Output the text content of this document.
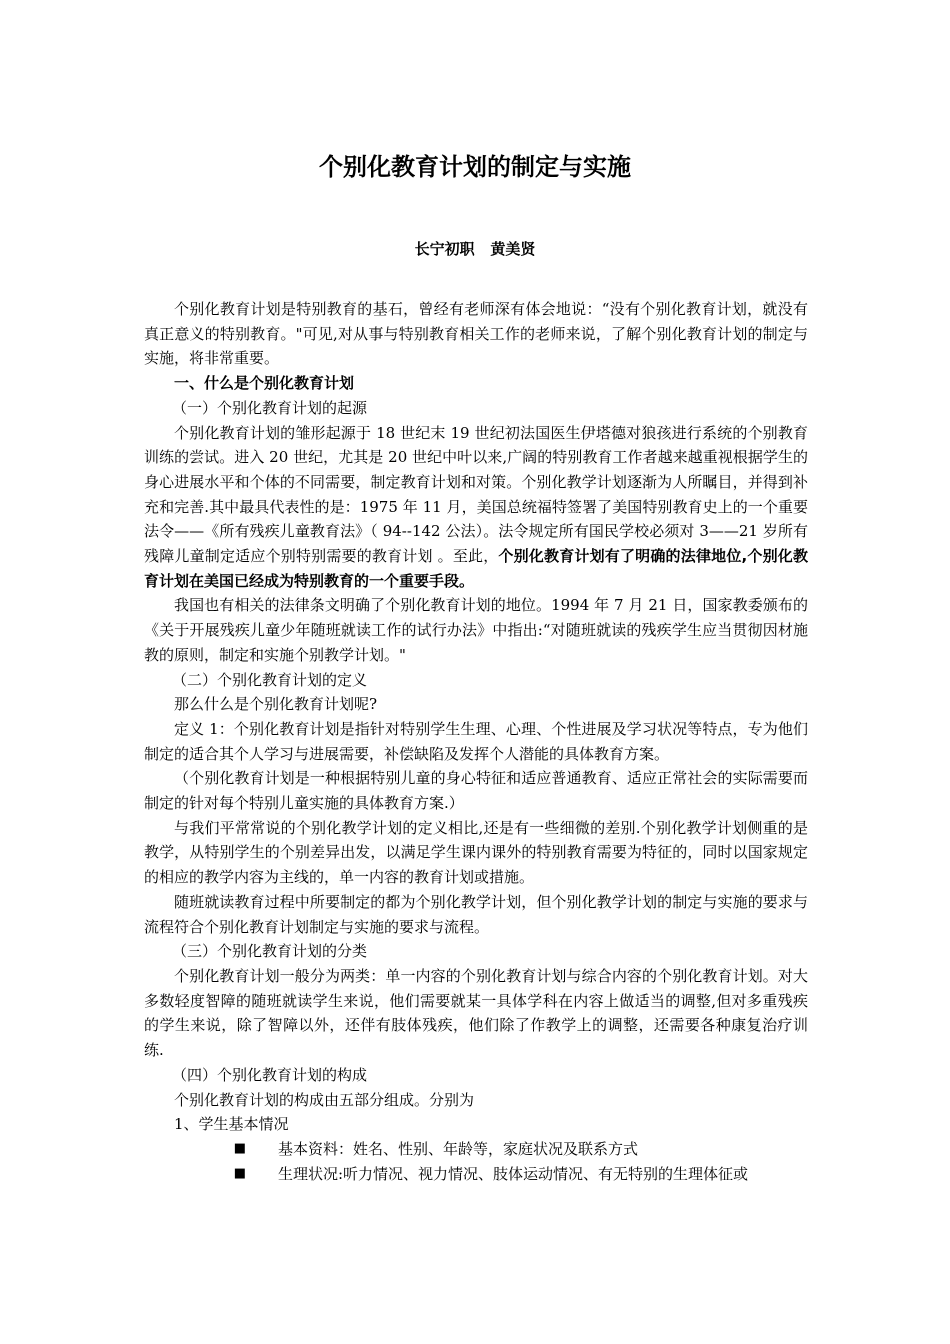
个别化教育计划的制定与实施
长宁初职   黄美贤

个别化教育计划是特别教育的基石，曾经有老师深有体会地说：“没有个别化教育计划，就没有真正意义的特别教育。"可见,对从事与特别教育相关工作的老师来说，了解个别化教育计划的制定与实施，将非常重要。

一、什么是个别化教育计划

（一）个别化教育计划的起源

个别化教育计划的雏形起源于 18 世纪末 19 世纪初法国医生伊塔德对狼孩进行系统的个别教育训练的尝试。进入 20 世纪，尤其是 20 世纪中叶以来,广阔的特别教育工作者越来越重视根据学生的身心进展水平和个体的不同需要，制定教育计划和对策。个别化教学计划逐渐为人所瞩目，并得到补充和完善.其中最具代表性的是：1975 年 11 月，美国总统福特签署了美国特别教育史上的一个重要法令——《所有残疾儿童教育法》（ 94--142 公法）。法令规定所有国民学校必须对 3——21 岁所有残障儿童制定适应个别特别需要的教育计划 。至此，个别化教育计划有了明确的法律地位,个别化教育计划在美国已经成为特别教育的一个重要手段。

我国也有相关的法律条文明确了个别化教育计划的地位。1994 年 7 月 21 日，国家教委颁布的《关于开展残疾儿童少年随班就读工作的试行办法》中指出:“对随班就读的残疾学生应当贯彻因材施教的原则，制定和实施个别教学计划。"

（二）个别化教育计划的定义

那么什么是个别化教育计划呢?

定义 1：个别化教育计划是指针对特别学生生理、心理、个性进展及学习状况等特点，专为他们制定的适合其个人学习与进展需要，补偿缺陷及发挥个人潜能的具体教育方案。

（个别化教育计划是一种根据特别儿童的身心特征和适应普通教育、适应正常社会的实际需要而制定的针对每个特别儿童实施的具体教育方案.）

与我们平常常说的个别化教学计划的定义相比,还是有一些细微的差别.个别化教学计划侧重的是教学，从特别学生的个别差异出发，以满足学生课内课外的特别教育需要为特征的，同时以国家规定的相应的教学内容为主线的，单一内容的教育计划或措施。

随班就读教育过程中所要制定的都为个别化教学计划，但个别化教学计划的制定与实施的要求与流程符合个别化教育计划制定与实施的要求与流程。

（三）个别化教育计划的分类

个别化教育计划一般分为两类：单一内容的个别化教育计划与综合内容的个别化教育计划。对大多数轻度智障的随班就读学生来说，他们需要就某一具体学科在内容上做适当的调整,但对多重残疾的学生来说，除了智障以外，还伴有肢体残疾，他们除了作教学上的调整，还需要各种康复治疗训练.

（四）个别化教育计划的构成

个别化教育计划的构成由五部分组成。分别为

1、学生基本情况

■	基本资料：姓名、性别、年龄等，家庭状况及联系方式
■	生理状况:听力情况、视力情况、肢体运动情况、有无特别的生理体征或
